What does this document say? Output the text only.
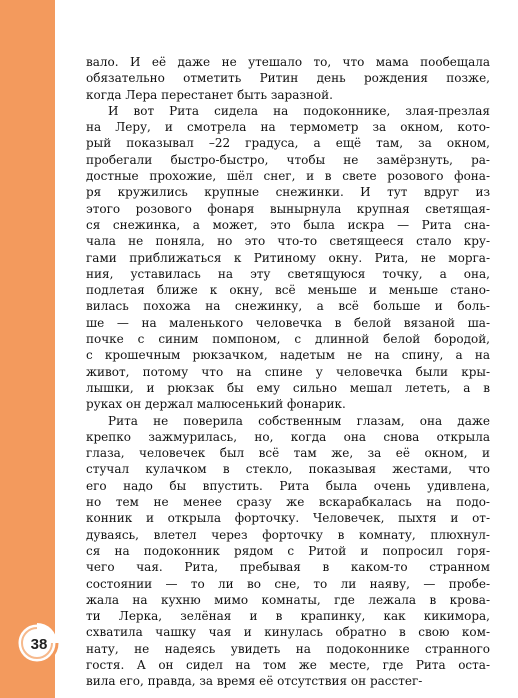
38

вало. И её даже не утешало то, что мама пообещала
обязательно отметить Ритин день рождения позже,
когда Лера перестанет быть заразной.

И вот Рита сидела на подоконнике, злая-презлая
на Леру, и смотрела на термометр за окном, кото-
рый показывал –22 градуса, а ещё там, за окном,
пробегали быстро-быстро, чтобы не замёрзнуть, ра-
достные прохожие, шёл снег, и в свете розового фона-
ря кружились крупные снежинки. И тут вдруг из
этого розового фонаря вынырнула крупная светящая-
ся снежинка, а может, это была искра — Рита сна-
чала не поняла, но это что-то светящееся стало кру-
гами приближаться к Ритиному окну. Рита, не морга-
ния, уставилась на эту светящуюся точку, а она,
подлетая ближе к окну, всё меньше и меньше стано-
вилась похожа на снежинку, а всё больше и боль-
ше — на маленького человечка в белой вязаной ша-
почке с синим помпоном, с длинной белой бородой,
с крошечным рюкзачком, надетым не на спину, а на
живот, потому что на спине у человечка были кры-
лышки, и рюкзак бы ему сильно мешал лететь, а в
руках он держал малюсенький фонарик.

Рита не поверила собственным глазам, она даже
крепко зажмурилась, но, когда она снова открыла
глаза, человечек был всё там же, за её окном, и
стучал кулачком в стекло, показывая жестами, что
его надо бы впустить. Рита была очень удивлена,
но тем не менее сразу же вскарабкалась на подо-
конник и открыла форточку. Человечек, пыхтя и от-
дуваясь, влетел через форточку в комнату, плюхнул-
ся на подоконник рядом с Ритой и попросил горя-
чего чая. Рита, пребывая в каком-то странном
состоянии — то ли во сне, то ли наяву, — пробе-
жала на кухню мимо комнаты, где лежала в крова-
ти Лерка, зелёная и в крапинку, как кикимора,
схватила чашку чая и кинулась обратно в свою ком-
нату, не надеясь увидеть на подоконнике странного
гостя. А он сидел на том же месте, где Рита оста-
вила его, правда, за время её отсутствия он расстег-
